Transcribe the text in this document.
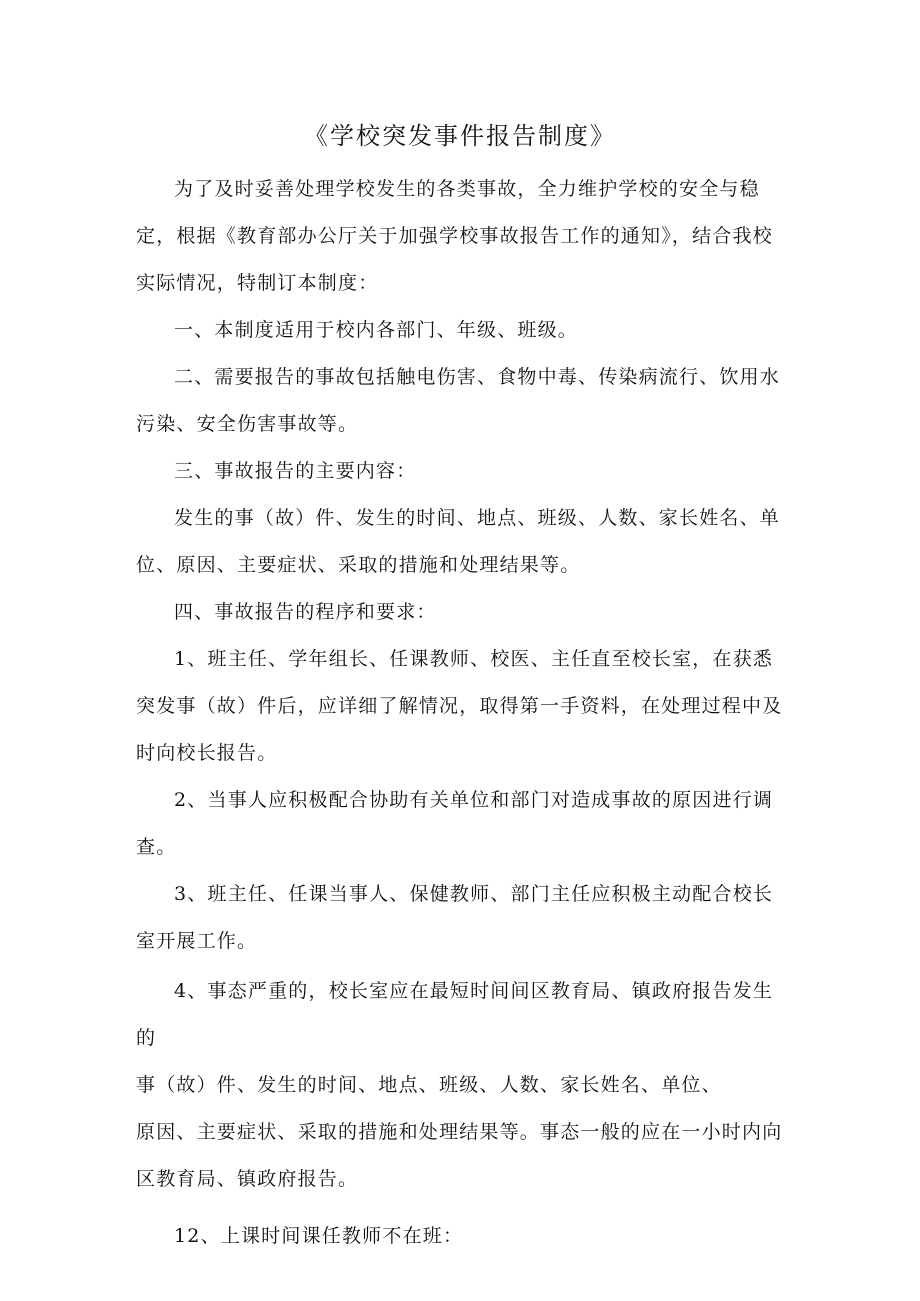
《学校突发事件报告制度》

为了及时妥善处理学校发生的各类事故，全力维护学校的安全与稳定，根据《教育部办公厅关于加强学校事故报告工作的通知》，结合我校实际情况，特制订本制度：

一、本制度适用于校内各部门、年级、班级。

二、需要报告的事故包括触电伤害、食物中毒、传染病流行、饮用水污染、安全伤害事故等。

三、事故报告的主要内容：

发生的事（故）件、发生的时间、地点、班级、人数、家长姓名、单位、原因、主要症状、采取的措施和处理结果等。

四、事故报告的程序和要求：

1、班主任、学年组长、任课教师、校医、主任直至校长室，在获悉突发事（故）件后，应详细了解情况，取得第一手资料，在处理过程中及时向校长报告。

2、当事人应积极配合协助有关单位和部门对造成事故的原因进行调查。

3、班主任、任课当事人、保健教师、部门主任应积极主动配合校长室开展工作。

4、事态严重的，校长室应在最短时间间区教育局、镇政府报告发生的

事（故）件、发生的时间、地点、班级、人数、家长姓名、单位、

原因、主要症状、采取的措施和处理结果等。事态一般的应在一小时内向

区教育局、镇政府报告。

12、上课时间课任教师不在班：
